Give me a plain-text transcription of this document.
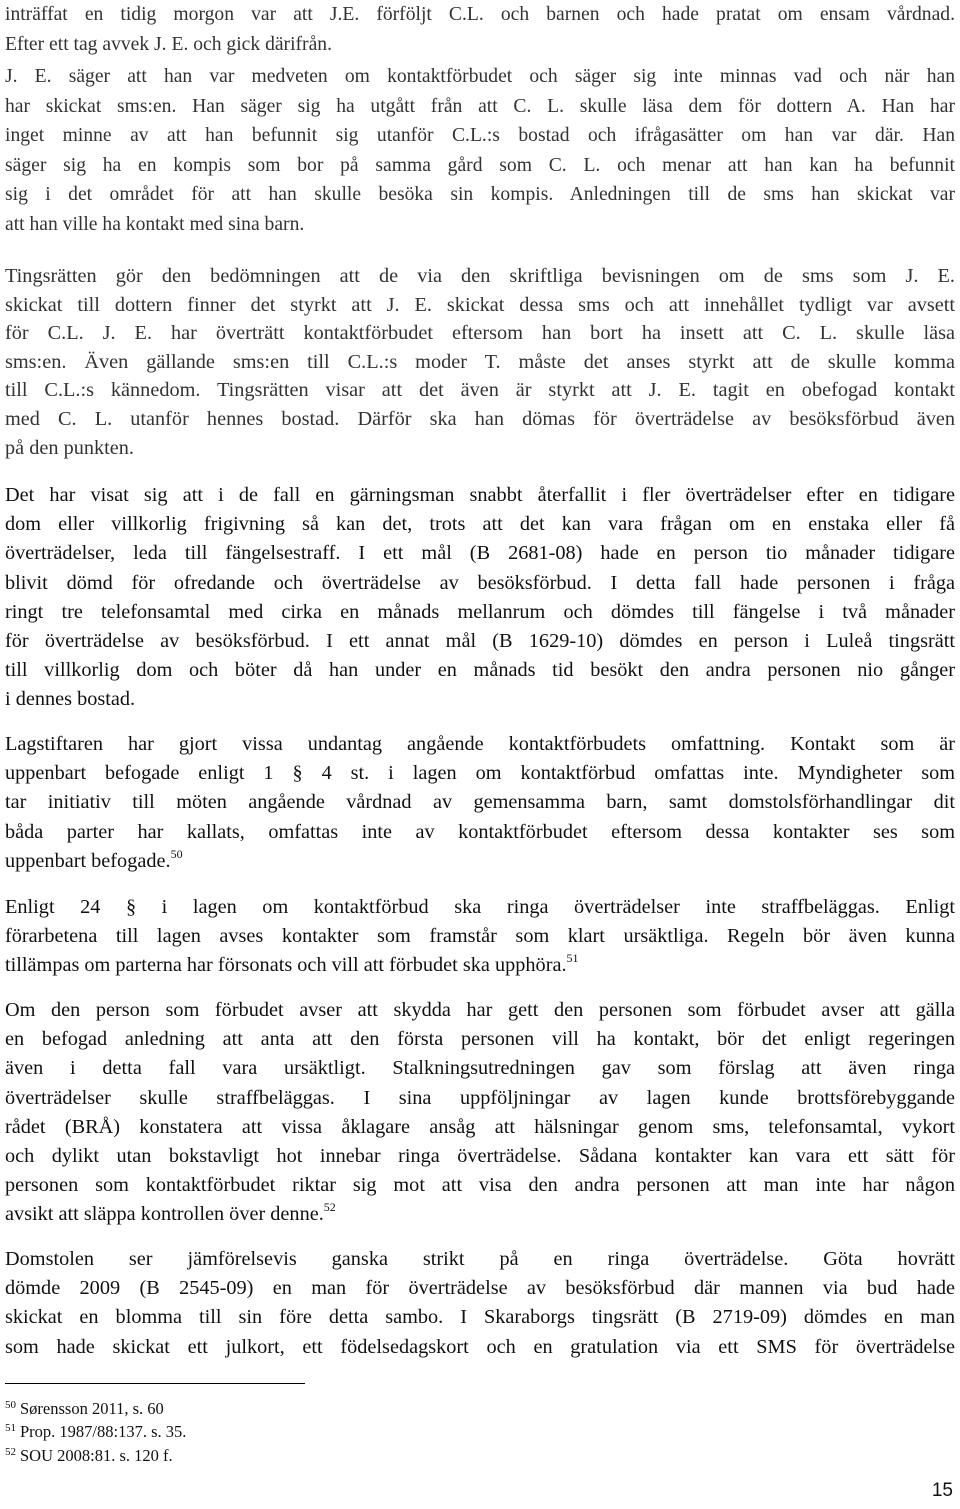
inträffat en tidig morgon var att J.E. förföljt C.L. och barnen och hade pratat om ensam vårdnad.
Efter ett tag avvek J. E. och gick därifrån.
J. E. säger att han var medveten om kontaktförbudet och säger sig inte minnas vad och när han
har skickat sms:en. Han säger sig ha utgått från att C. L. skulle läsa dem för dottern A. Han har
inget minne av att han befunnit sig utanför C.L.:s bostad och ifrågasätter om han var där. Han
säger sig ha en kompis som bor på samma gård som C. L. och menar att han kan ha befunnit
sig i det området för att han skulle besöka sin kompis. Anledningen till de sms han skickat var
att han ville ha kontakt med sina barn.
Tingsrätten gör den bedömningen att de via den skriftliga bevisningen om de sms som J. E.
skickat till dottern finner det styrkt att J. E. skickat dessa sms och att innehållet tydligt var avsett
för C.L. J. E. har överträtt kontaktförbudet eftersom han bort ha insett att C. L. skulle läsa
sms:en. Även gällande sms:en till C.L.:s moder T. måste det anses styrkt att de skulle komma
till C.L.:s kännedom. Tingsrätten visar att det även är styrkt att J. E. tagit en obefogad kontakt
med C. L. utanför hennes bostad. Därför ska han dömas för överträdelse av besöksförbud även
på den punkten.
Det har visat sig att i de fall en gärningsman snabbt återfallit i fler överträdelser efter en tidigare
dom eller villkorlig frigivning så kan det, trots att det kan vara frågan om en enstaka eller få
överträdelser, leda till fängelsestraff. I ett mål (B 2681-08) hade en person tio månader tidigare
blivit dömd för ofredande och överträdelse av besöksförbud. I detta fall hade personen i fråga
ringt tre telefonsamtal med cirka en månads mellanrum och dömdes till fängelse i två månader
för överträdelse av besöksförbud. I ett annat mål (B 1629-10) dömdes en person i Luleå tingsrätt
till villkorlig dom och böter då han under en månads tid besökt den andra personen nio gånger
i dennes bostad.
Lagstiftaren har gjort vissa undantag angående kontaktförbudets omfattning. Kontakt som är
uppenbart befogade enligt 1 § 4 st. i lagen om kontaktförbud omfattas inte. Myndigheter som
tar initiativ till möten angående vårdnad av gemensamma barn, samt domstolsförhandlingar dit
båda parter har kallats, omfattas inte av kontaktförbudet eftersom dessa kontakter ses som
uppenbart befogade.$^{50}$
Enligt 24 § i lagen om kontaktförbud ska ringa överträdelser inte straffbeläggas. Enligt
förarbetena till lagen avses kontakter som framstår som klart ursäktliga. Regeln bör även kunna
tillämpas om parterna har försonats och vill att förbudet ska upphöra.$^{51}$
Om den person som förbudet avser att skydda har gett den personen som förbudet avser att gälla
en befogad anledning att anta att den första personen vill ha kontakt, bör det enligt regeringen
även i detta fall vara ursäktligt. Stalkningsutredningen gav som förslag att även ringa
överträdelser skulle straffbeläggas. I sina uppföljningar av lagen kunde brottsförebyggande
rådet (BRÅ) konstatera att vissa åklagare ansåg att hälsningar genom sms, telefonsamtal, vykort
och dylikt utan bokstavligt hot innebar ringa överträdelse. Sådana kontakter kan vara ett sätt för
personen som kontaktförbudet riktar sig mot att visa den andra personen att man inte har någon
avsikt att släppa kontrollen över denne.$^{52}$
Domstolen ser jämförelsevis ganska strikt på en ringa överträdelse. Göta hovrätt
dömde 2009 (B 2545-09) en man för överträdelse av besöksförbud där mannen via bud hade
skickat en blomma till sin före detta sambo. I Skaraborgs tingsrätt (B 2719-09) dömdes en man
som hade skickat ett julkort, ett födelsedagskort och en gratulation via ett SMS för överträdelse
$^{50}$ Sørensson 2011, s. 60
$^{51}$ Prop. 1987/88:137. s. 35.
$^{52}$ SOU 2008:81. s. 120 f.
15
